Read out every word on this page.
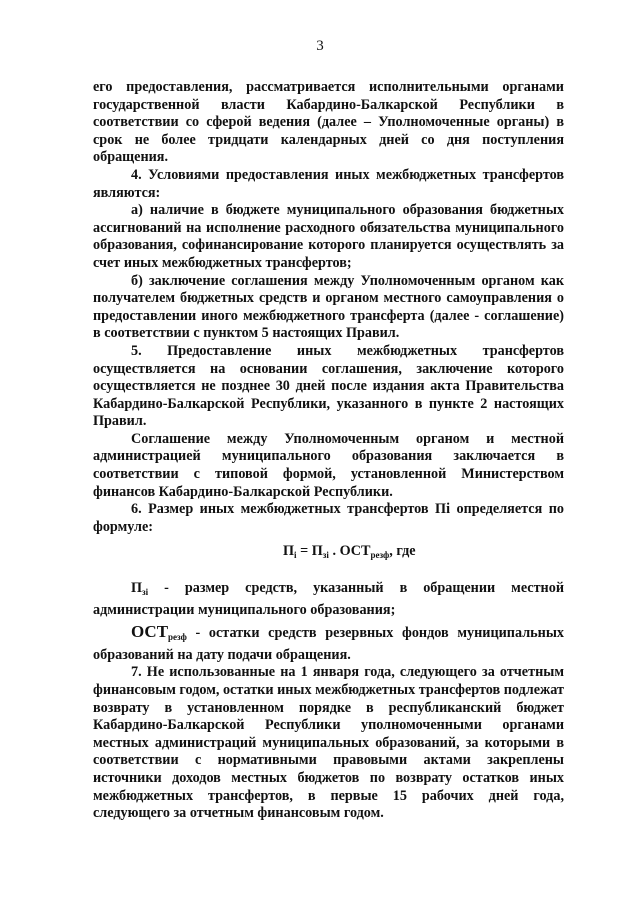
3

его предоставления, рассматривается исполнительными органами государственной власти Кабардино-Балкарской Республики в соответствии со сферой ведения (далее – Уполномоченные органы) в срок не более тридцати календарных дней со дня поступления обращения.

4. Условиями предоставления иных межбюджетных трансфертов являются:

а) наличие в бюджете муниципального образования бюджетных ассигнований на исполнение расходного обязательства муниципального образования, софинансирование которого планируется осуществлять за счет иных межбюджетных трансфертов;

б) заключение соглашения между Уполномоченным органом как получателем бюджетных средств и органом местного самоуправления о предоставлении иного межбюджетного трансферта (далее - соглашение) в соответствии с пунктом 5 настоящих Правил.

5. Предоставление иных межбюджетных трансфертов осуществляется на основании соглашения, заключение которого осуществляется не позднее 30 дней после издания акта Правительства Кабардино-Балкарской Республики, указанного в пункте 2 настоящих Правил.

Соглашение между Уполномоченным органом и местной администрацией муниципального образования заключается в соответствии с типовой формой, установленной Министерством финансов Кабардино-Балкарской Республики.

6. Размер иных межбюджетных трансфертов Пi определяется по формуле:

$П_i = П_{зi}$ . $ОСТ_{резф}$, где

$П_{зi}$ - размер средств, указанный в обращении местной администрации муниципального образования;

$ОСТ_{резф}$ - остатки средств резервных фондов муниципальных образований на дату подачи обращения.

7. Не использованные на 1 января года, следующего за отчетным финансовым годом, остатки иных межбюджетных трансфертов подлежат возврату в установленном порядке в республиканский бюджет Кабардино-Балкарской Республики уполномоченными органами местных администраций муниципальных образований, за которыми в соответствии с нормативными правовыми актами закреплены источники доходов местных бюджетов по возврату остатков иных межбюджетных трансфертов, в первые 15 рабочих дней года, следующего за отчетным финансовым годом.
